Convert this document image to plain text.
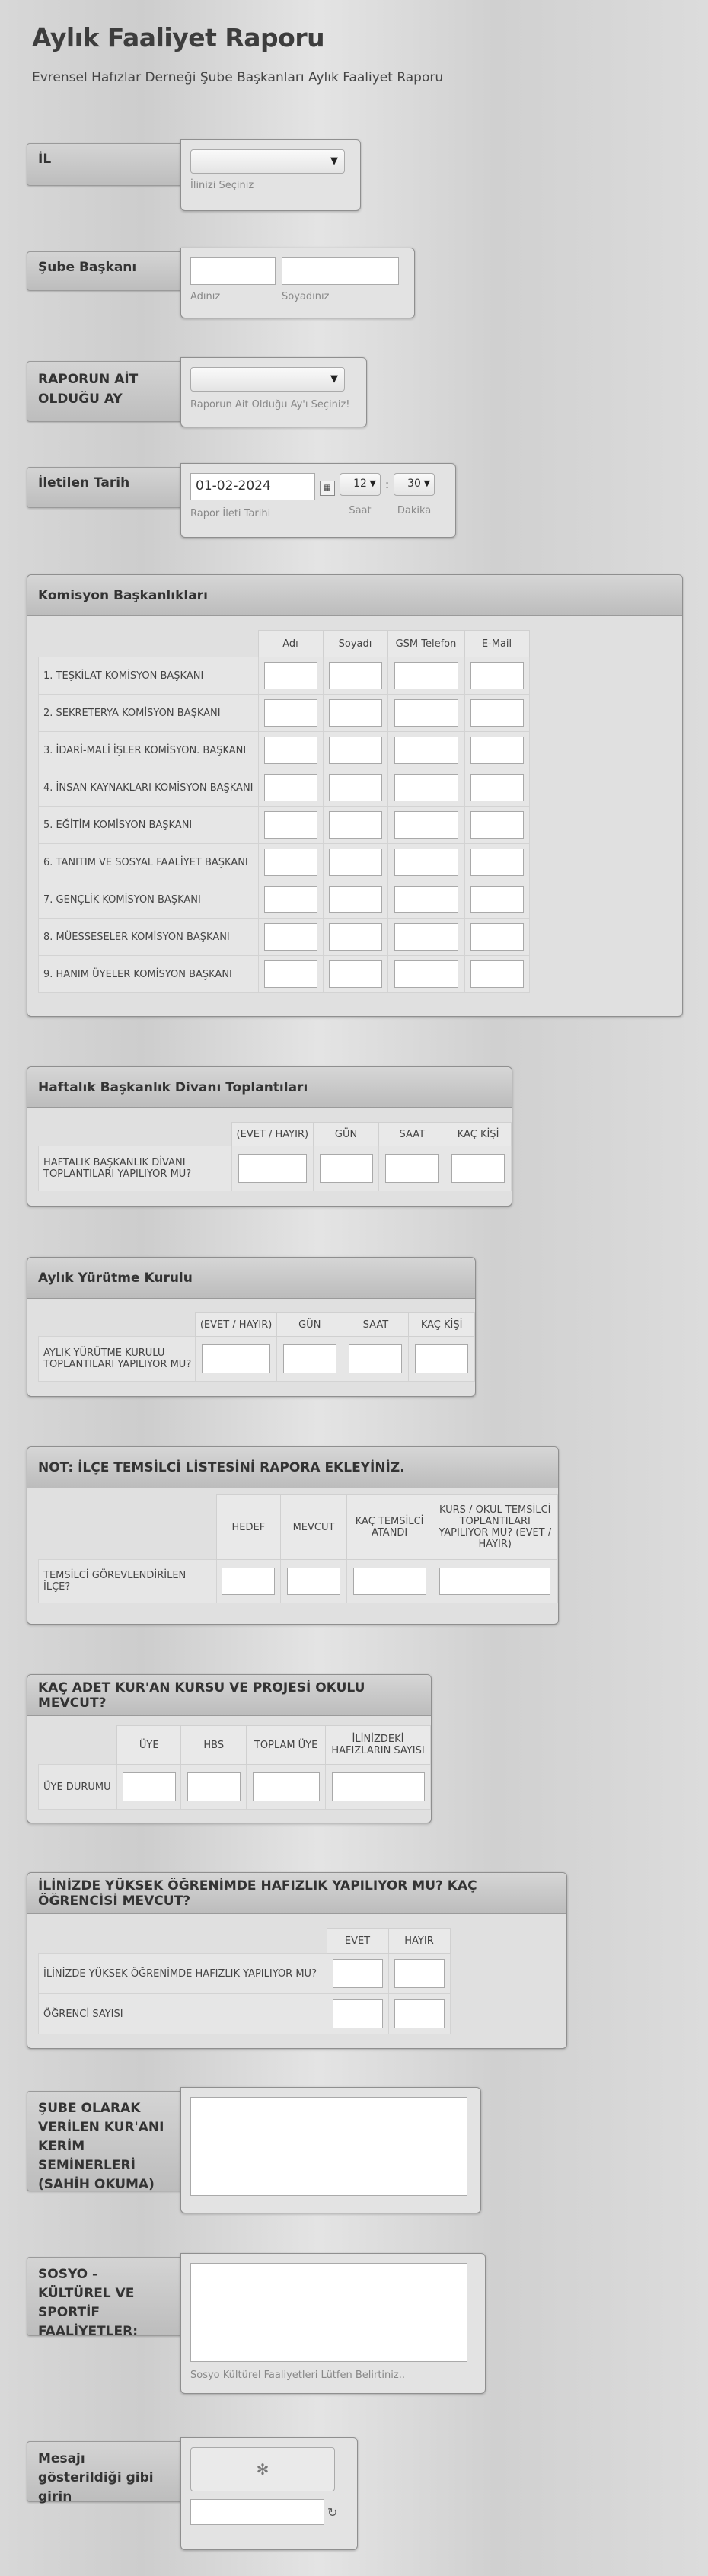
Aylık Faaliyet Raporu
Evrensel Hafızlar Derneği Şube Başkanları Aylık Faaliyet Raporu
İL	▼
İlinizi Seçiniz
Şube Başkanı
Adınız	Soyadınız
RAPORUN AİT OLDUĞU AY
▼
Raporun Ait Olduğu Ay'ı Seçiniz!
İletilen Tarih	01-02-2024
Rapor İleti Tarihi
▦	12 ▼
Saat
:	30 ▼
Dakika
Komisyon Başkanlıkları
	Adı	Soyadı	GSM Telefon	E-Mail
1. TEŞKİLAT KOMİSYON BAŞKANI	

2. SEKRETERYA KOMİSYON BAŞKANI	

3. İDARİ-MALİ İŞLER KOMİSYON. BAŞKANI	

4. İNSAN KAYNAKLARI KOMİSYON BAŞKANI	

5. EĞİTİM KOMİSYON BAŞKANI	

6. TANITIM VE SOSYAL FAALİYET BAŞKANI	

7. GENÇLİK KOMİSYON BAŞKANI	

8. MÜESSESELER KOMİSYON BAŞKANI	

9. HANIM ÜYELER KOMİSYON BAŞKANI	

Haftalık Başkanlık Divanı Toplantıları
	(EVET / HAYIR)	GÜN	SAAT	KAÇ KİŞİ
HAFTALIK BAŞKANLIK DİVANI TOPLANTILARI YAPILIYOR MU?	

Aylık Yürütme Kurulu
	(EVET / HAYIR)	GÜN	SAAT	KAÇ KİŞİ
AYLIK YÜRÜTME KURULU TOPLANTILARI YAPILIYOR MU?	

NOT: İLÇE TEMSİLCİ LİSTESİNİ RAPORA EKLEYİNİZ.
	HEDEF	MEVCUT	KAÇ TEMSİLCİ ATANDI	KURS / OKUL TEMSİLCİ TOPLANTILARI YAPILIYOR MU? (EVET / HAYIR)
TEMSİLCİ GÖREVLENDİRİLEN İLÇE?	

KAÇ ADET KUR'AN KURSU VE PROJESİ OKULU MEVCUT?
	ÜYE	HBS	TOPLAM ÜYE	İLİNİZDEKİ HAFIZLARIN SAYISI
ÜYE DURUMU	

İLİNİZDE YÜKSEK ÖĞRENİMDE HAFIZLIK YAPILIYOR MU? KAÇ ÖĞRENCİSİ MEVCUT?
	EVET	HAYIR
İLİNİZDE YÜKSEK ÖĞRENİMDE HAFIZLIK YAPILIYOR MU?	

ÖĞRENCİ SAYISI	

ŞUBE OLARAK VERİLEN KUR'ANI KERİM SEMİNERLERİ (SAHİH OKUMA)
SOSYO - KÜLTÜREL VE SPORTİF FAALİYETLER:
Sosyo Kültürel Faaliyetleri Lütfen Belirtiniz..
Mesajı gösterildiği gibi girin
✻
↻
